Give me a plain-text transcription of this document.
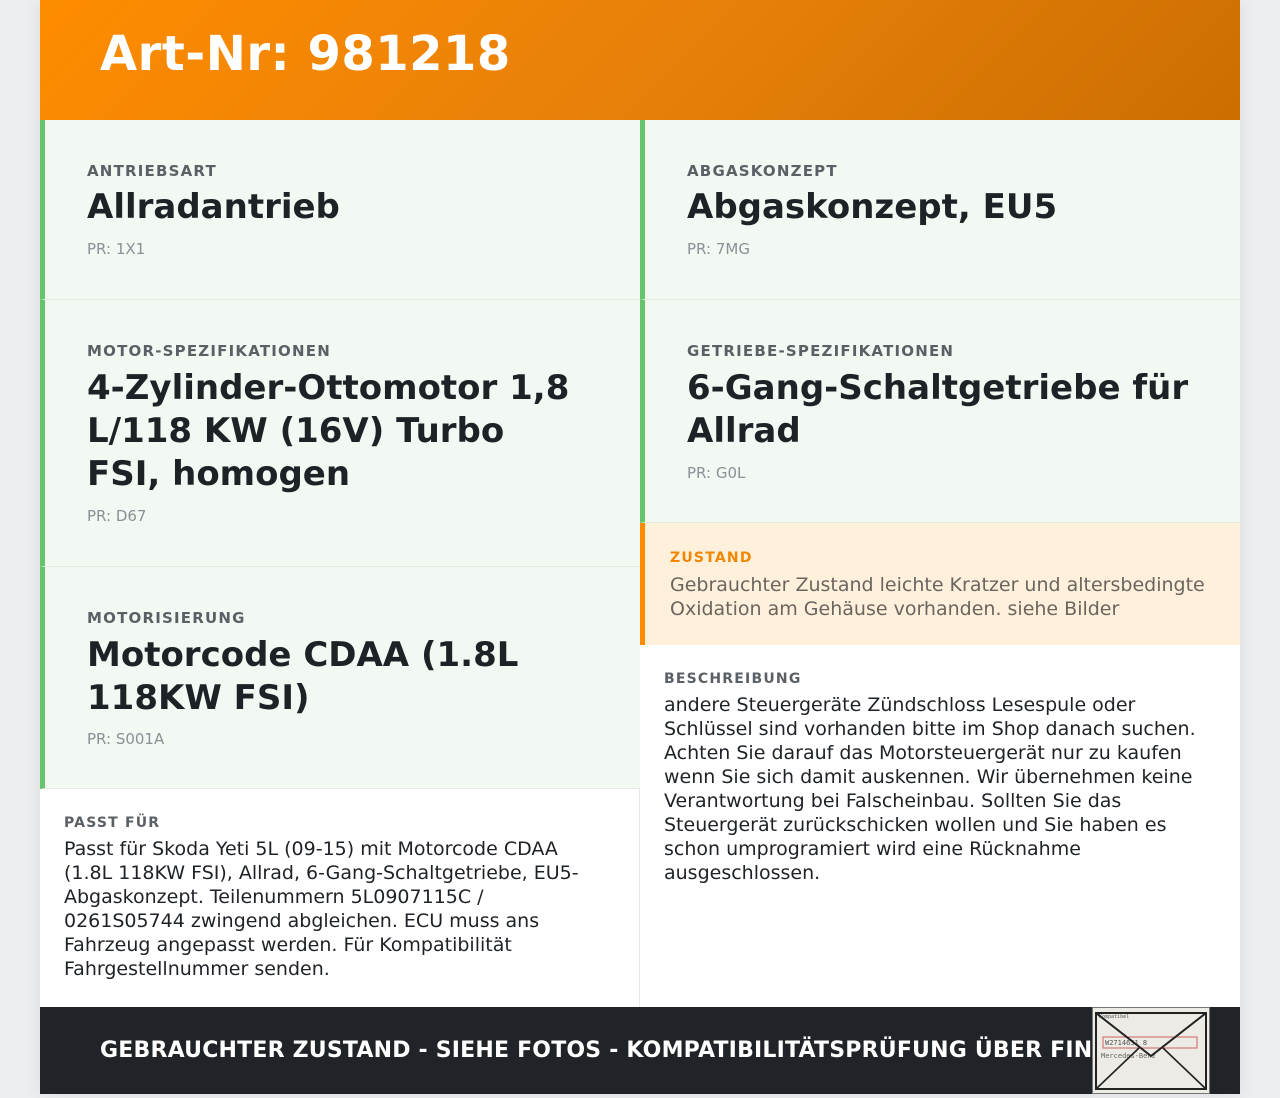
Art-Nr: 981218
ANTRIEBSART
Allradantrieb
PR: 1X1
ABGASKONZEPT
Abgaskonzept, EU5
PR: 7MG
MOTOR-SPEZIFIKATIONEN
4-Zylinder-Ottomotor 1,8 L/118 KW (16V) Turbo FSI, homogen
PR: D67
GETRIEBE-SPEZIFIKATIONEN
6-Gang-Schaltgetriebe für Allrad
PR: G0L
MOTORISIERUNG
Motorcode CDAA (1.8L 118KW FSI)
PR: S001A
ZUSTAND
Gebrauchter Zustand leichte Kratzer und altersbedingte Oxidation am Gehäuse vorhanden. siehe Bilder
PASST FÜR
Passt für Skoda Yeti 5L (09-15) mit Motorcode CDAA (1.8L 118KW FSI), Allrad, 6-Gang-Schaltgetriebe, EU5-Abgaskonzept. Teilenummern 5L0907115C / 0261S05744 zwingend abgleichen. ECU muss ans Fahrzeug angepasst werden. Für Kompatibilität Fahrgestellnummer senden.
BESCHREIBUNG
andere Steuergeräte Zündschloss Lesespule oder Schlüssel sind vorhanden bitte im Shop danach suchen. Achten Sie darauf das Motorsteuergerät nur zu kaufen wenn Sie sich damit auskennen. Wir übernehmen keine Verantwortung bei Falscheinbau. Sollten Sie das Steuergerät zurückschicken wollen und Sie haben es schon umprogramiert wird eine Rücknahme ausgeschlossen.
GEBRAUCHTER ZUSTAND - SIEHE FOTOS - KOMPATIBILITÄTSPRÜFUNG ÜBER FIN
Kompatibel
W2714631 8
Mercedes-Benz
